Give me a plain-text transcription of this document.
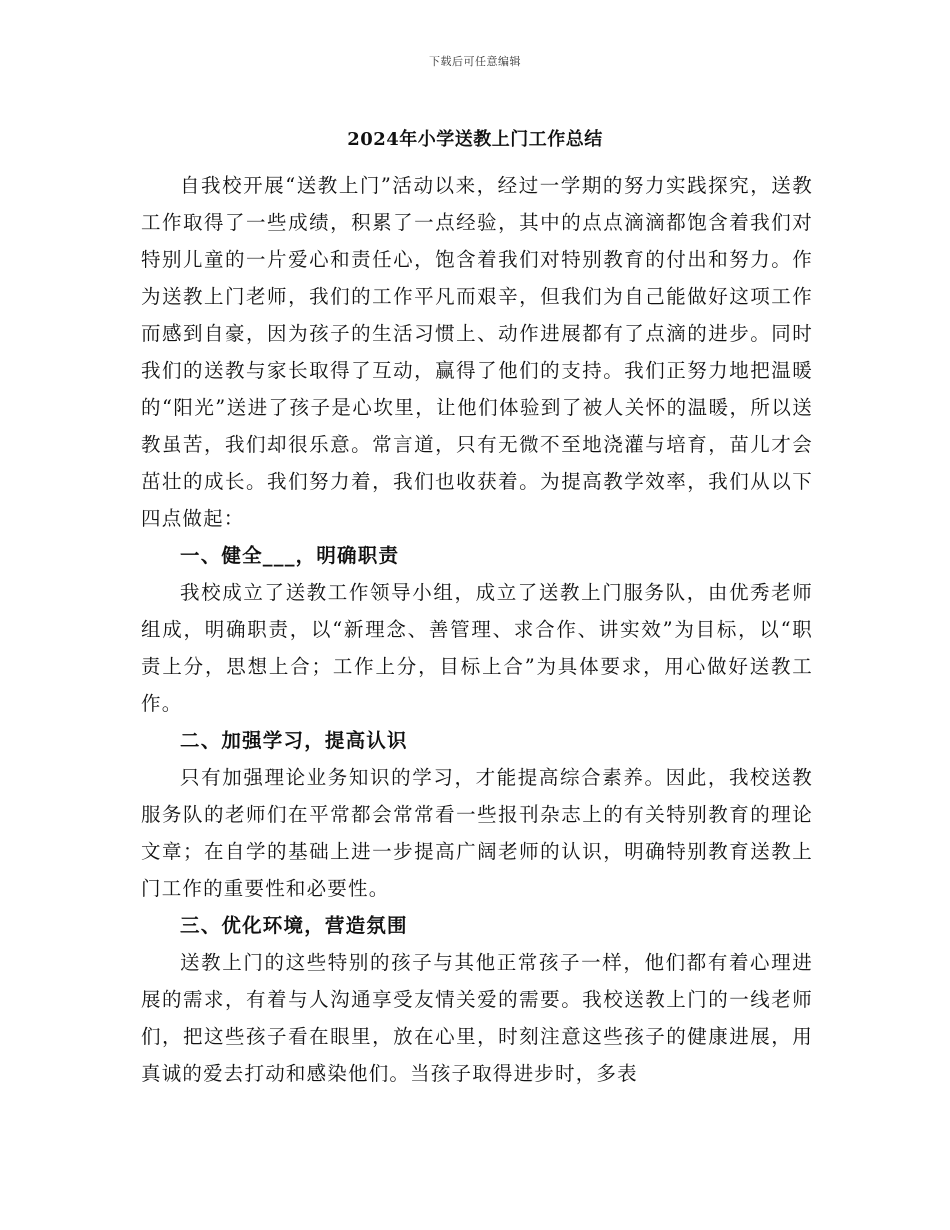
下载后可任意编辑
2024年小学送教上门工作总结

自我校开展“送教上门”活动以来，经过一学期的努力实践探究，送教工作取得了一些成绩，积累了一点经验，其中的点点滴滴都饱含着我们对特别儿童的一片爱心和责任心，饱含着我们对特别教育的付出和努力。作为送教上门老师，我们的工作平凡而艰辛，但我们为自己能做好这项工作而感到自豪，因为孩子的生活习惯上、动作进展都有了点滴的进步。同时我们的送教与家长取得了互动，赢得了他们的支持。我们正努力地把温暖的“阳光”送进了孩子是心坎里，让他们体验到了被人关怀的温暖，所以送教虽苦，我们却很乐意。常言道，只有无微不至地浇灌与培育，苗儿才会茁壮的成长。我们努力着，我们也收获着。为提高教学效率，我们从以下四点做起：

一、健全___，明确职责

我校成立了送教工作领导小组，成立了送教上门服务队，由优秀老师组成，明确职责，以“新理念、善管理、求合作、讲实效”为目标，以“职责上分，思想上合；工作上分，目标上合”为具体要求，用心做好送教工作。

二、加强学习，提高认识

只有加强理论业务知识的学习，才能提高综合素养。因此，我校送教服务队的老师们在平常都会常常看一些报刊杂志上的有关特别教育的理论文章；在自学的基础上进一步提高广阔老师的认识，明确特别教育送教上门工作的重要性和必要性。

三、优化环境，营造氛围

送教上门的这些特别的孩子与其他正常孩子一样，他们都有着心理进展的需求，有着与人沟通享受友情关爱的需要。我校送教上门的一线老师们，把这些孩子看在眼里，放在心里，时刻注意这些孩子的健康进展，用真诚的爱去打动和感染他们。当孩子取得进步时，多表
